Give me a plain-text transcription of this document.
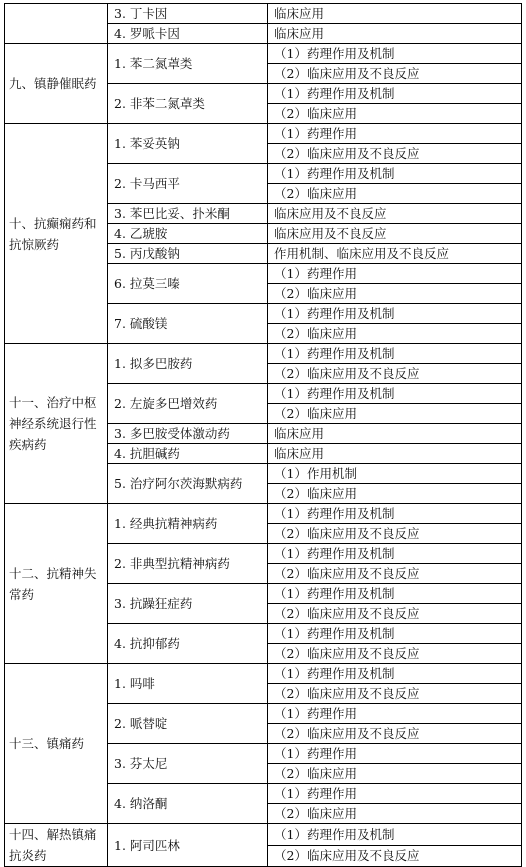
	3. 丁卡因	临床应用
	4. 罗哌卡因	临床应用
九、镇静催眠药	1. 苯二氮䓬类	（1）药理作用及机制
		（2）临床应用及不良反应
	2. 非苯二氮䓬类	（1）药理作用及机制
		（2）临床应用
十、抗癫痫药和抗惊厥药	1. 苯妥英钠	（1）药理作用
		（2）临床应用及不良反应
	2. 卡马西平	（1）药理作用及机制
		（2）临床应用
	3. 苯巴比妥、扑米酮	临床应用及不良反应
	4. 乙琥胺	临床应用及不良反应
	5. 丙戊酸钠	作用机制、临床应用及不良反应
	6. 拉莫三嗪	（1）药理作用
		（2）临床应用
	7. 硫酸镁	（1）药理作用及机制
		（2）临床应用
十一、治疗中枢神经系统退行性疾病药	1. 拟多巴胺药	（1）药理作用及机制
		（2）临床应用及不良反应
	2. 左旋多巴增效药	（1）药理作用及机制
		（2）临床应用
	3. 多巴胺受体激动药	临床应用
	4. 抗胆碱药	临床应用
	5. 治疗阿尔茨海默病药	（1）作用机制
		（2）临床应用
十二、抗精神失常药	1. 经典抗精神病药	（1）药理作用及机制
		（2）临床应用及不良反应
	2. 非典型抗精神病药	（1）药理作用及机制
		（2）临床应用及不良反应
	3. 抗躁狂症药	（1）药理作用及机制
		（2）临床应用及不良反应
	4. 抗抑郁药	（1）药理作用及机制
		（2）临床应用及不良反应
十三、镇痛药	1. 吗啡	（1）药理作用及机制
		（2）临床应用及不良反应
	2. 哌替啶	（1）药理作用
		（2）临床应用及不良反应
	3. 芬太尼	（1）药理作用
		（2）临床应用
	4. 纳洛酮	（1）药理作用
		（2）临床应用
十四、解热镇痛抗炎药	1. 阿司匹林	（1）药理作用及机制
		（2）临床应用及不良反应
